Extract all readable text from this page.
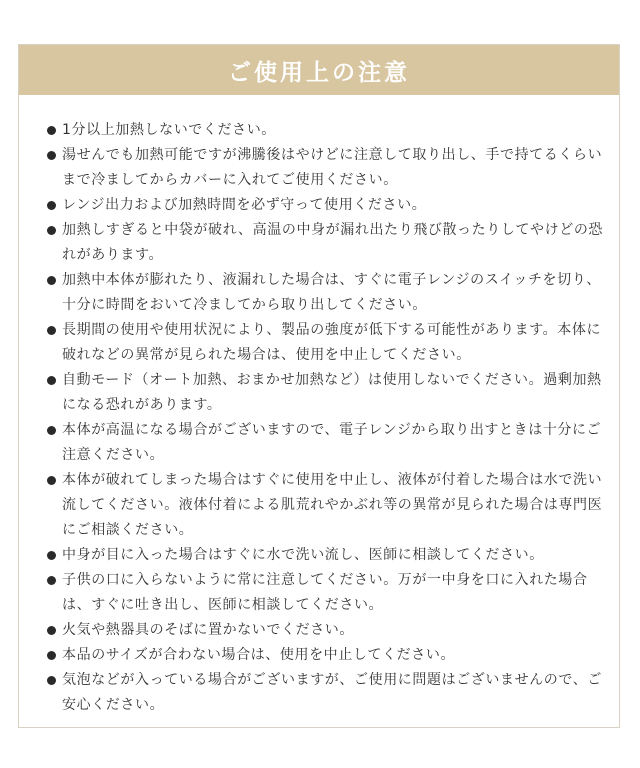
ご使用上の注意
1分以上加熱しないでください。
湯せんでも加熱可能ですが沸騰後はやけどに注意して取り出し、手で持てるくらいまで冷ましてからカバーに入れてご使用ください。
レンジ出力および加熱時間を必ず守って使用ください。
加熱しすぎると中袋が破れ、高温の中身が漏れ出たり飛び散ったりしてやけどの恐れがあります。
加熱中本体が膨れたり、液漏れした場合は、すぐに電子レンジのスイッチを切り、十分に時間をおいて冷ましてから取り出してください。
長期間の使用や使用状況により、製品の強度が低下する可能性があります。本体に破れなどの異常が見られた場合は、使用を中止してください。
自動モード（オート加熱、おまかせ加熱など）は使用しないでください。過剰加熱になる恐れがあります。
本体が高温になる場合がございますので、電子レンジから取り出すときは十分にご注意ください。
本体が破れてしまった場合はすぐに使用を中止し、液体が付着した場合は水で洗い流してください。液体付着による肌荒れやかぶれ等の異常が見られた場合は専門医にご相談ください。
中身が目に入った場合はすぐに水で洗い流し、医師に相談してください。
子供の口に入らないように常に注意してください。万が一中身を口に入れた場合は、すぐに吐き出し、医師に相談してください。
火気や熱器具のそばに置かないでください。
本品のサイズが合わない場合は、使用を中止してください。
気泡などが入っている場合がございますが、ご使用に問題はございませんので、ご安心ください。
